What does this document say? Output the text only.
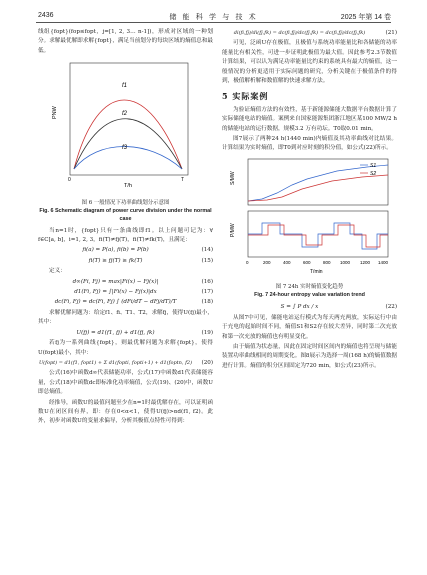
2436	储 能 科 学 与 技 术	2025 年第 14 卷

线组{fopt}(fop≤fopt，j=[1, 2, 3… n-1])，形成对区域的一种划分。求解最优解即求解{fopt}，满足当前划分的每块区域的熵值总和最低。

f1
f2
f3
PNW
T/h
0	T
图 6 一般情况下功率曲线划分示意图
Fig. 6 Schematic diagram of power curve division under the normal case

当n=1时，{fopt}只有一条曲线即f1。以上问题可记为：∀ f∈C[a, b]，i=1, 2, 3，fi(T)≠fj(T)，fi(T)≠fk(T)，且满足：

fi(a) = P(a), fi(b) = P(b)	(14)
fi(T) ≥ fj(T) ≥ fk(T)	(15)

定义：

d∞(Fi, Fj) = max|Fi(x) − Fj(x)|	(16)
d1(Fi, Fj) = ∫|Fi(x) − Fj(x)|dx	(17)
dc(Fi, Fj) = dc(Fi, Fj) ∫ (dFi/dT − dFj/dT)/T	(18)

求解优解问题为：给定f1、fi、T1、T2，求解fj，使得U(fj)最小，其中：

U(fj) = d1(f1, fj) + d1(fj, fk)	(19)

若fj为一系列曲线{fopt}，则最优解问题为求解{fopt}，使得U(fopt)最小，其中：

U(fopt) = d1(f1, fopt1) + Σ d1(fopti, fopti+1) + d1(foptn, f2)	(20)

公式(16)中函数d∞代表储能功率，公式(17)中函数d1代表储能容量，公式(18)中函数dc即标准化功率熵值，公式(19)、(20)中，函数U即总熵值。

经推导，函数U的最值问题至少在n=1时最优解存在，可以证明函数U在闭区间有界，即：存在0<α<1，使得U(fj)>αd(f1, f2)。此外，初步对函数U的变量求偏导，分析其极值点特性可得到：

di(fi,fj)/di(fj,fk) = dc(fi,fj)/dc(fj,fk) = dc(fi,fj)/dc(fj,fk)	(21)

可见，泛函U存在极值，且极值与系统功率能量比和各储能的功率能量比有相关性，可进一步证明此极值为最大值。因此参考2.3节数值计算结果，可以认为满足功率能量比约束的系统具有最大的熵值，这一般情况的分析更适用于实际问题的研究，分析关键在于极值条件的得到，极值解析解和数值解的快速求解方法。

5 实际案例

为验证熵值方法的有效性，基于新能源储能大数据平台数据计算了实际储能电站的熵值。案例来自国家能源集团浙江地区某100 MW/2 h的储能电站的运行数据，规模3.2 万有功坛。T0取0.01 min。

图7展示了两种24 h(1440 min)内熵值及其功率曲线对比结果。计算结果为实时熵值，即T0到对应时刻的积分值，如公式(22)所示。

S1
S2
S/MW
P/MW
0	200	400	600	800 1000 1200 1400
T/min
图 7 24h 实时熵值变化趋势
Fig. 7 24-hour entropy value variation trend
S = ∫ P dx / x	(22)

从图7中可见，储能电站运行模式为每天两充两放，实际运行中由于充电的起始时间不同，熵值S1和S2存在较大差异，同时第二次充放和第一次充放的熵值也有明显变化。

由于熵值为状态量，因此在固定时间区间内的熵值也将呈现与储能装置功率曲线相同的周期变化。图8展示为选择一周(168 h)的熵值数据进行计算。熵值的积分区间固定为720 min，如公式(23)所示。
